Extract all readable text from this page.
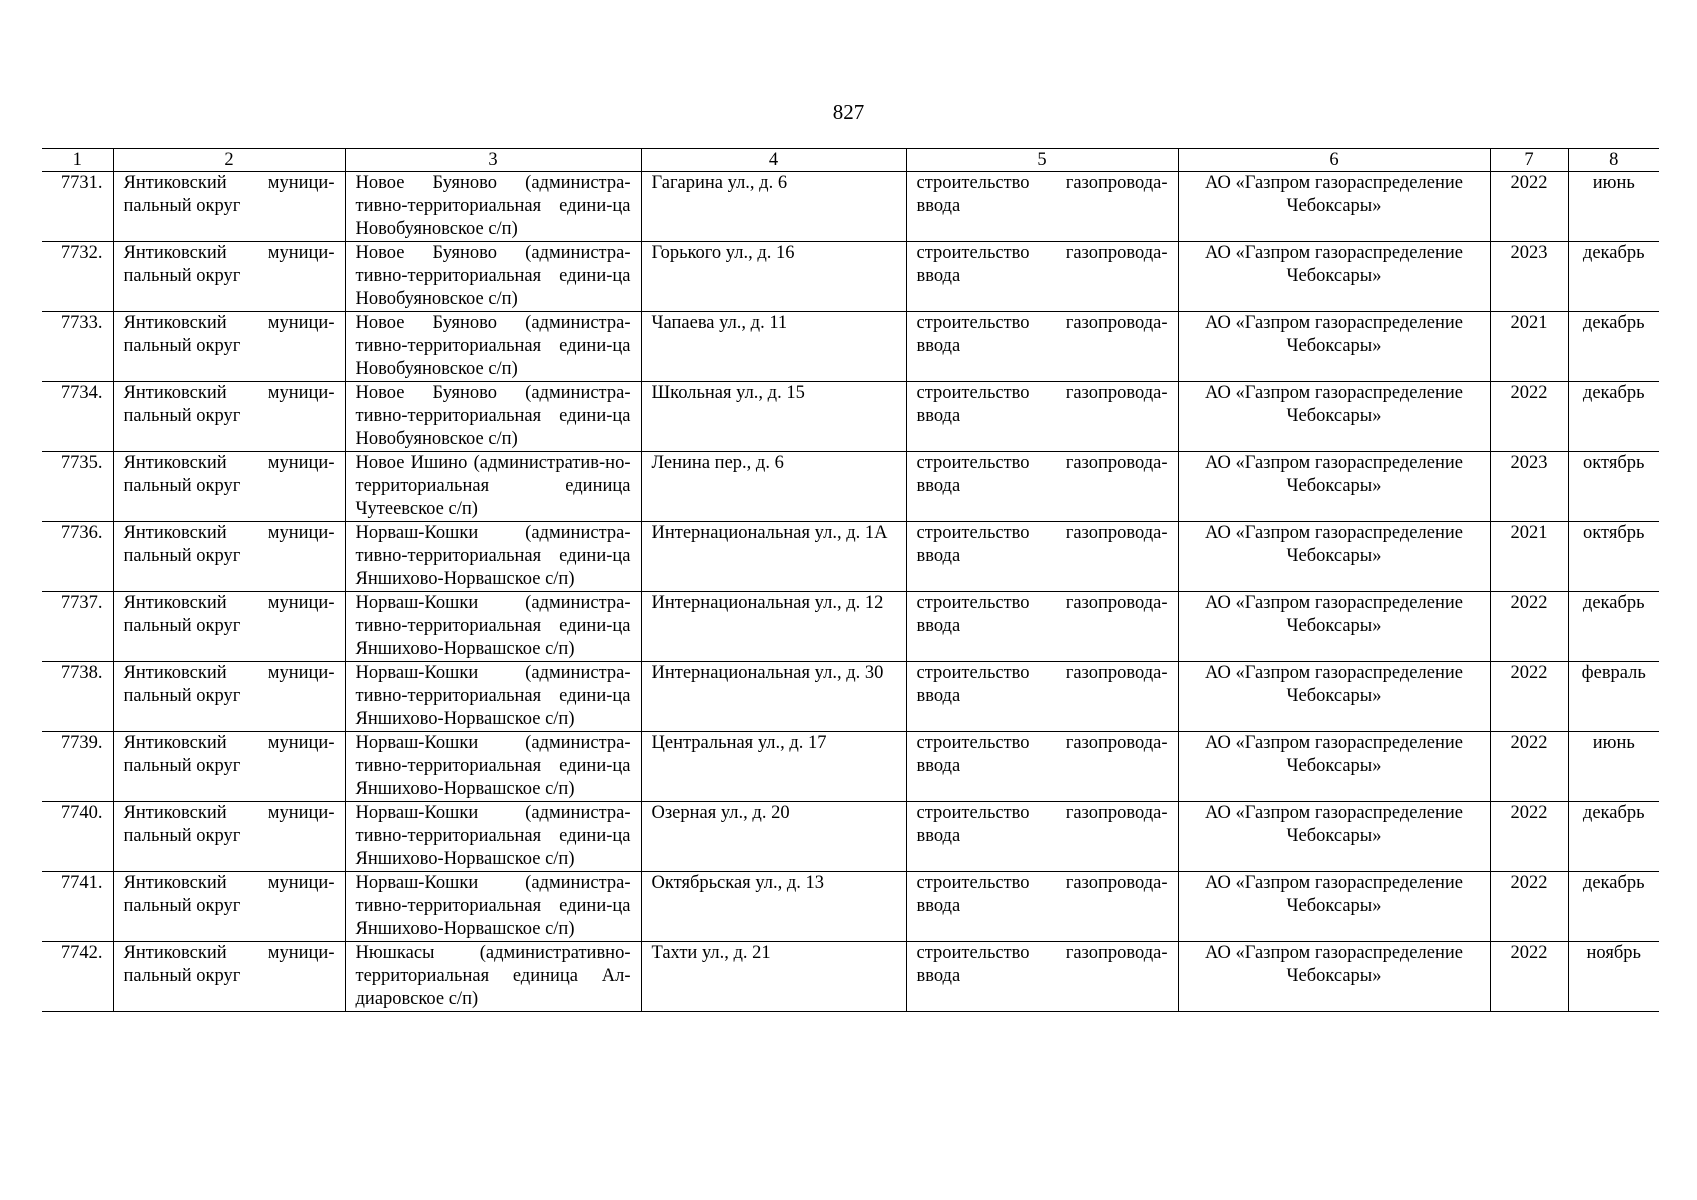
827
1	2	3	4	5	6	7	8
7731.	Янтиковский муници-пальный округ	Новое Буяново (администра-тивно-территориальная едини-ца Новобуяновское с/п)	Гагарина ул., д. 6	строительство газопровода-ввода	АО «Газпром газораспределение Чебоксары»	2022	июнь
7732.	Янтиковский муници-пальный округ	Новое Буяново (администра-тивно-территориальная едини-ца Новобуяновское с/п)	Горького ул., д. 16	строительство газопровода-ввода	АО «Газпром газораспределение Чебоксары»	2023	декабрь
7733.	Янтиковский муници-пальный округ	Новое Буяново (администра-тивно-территориальная едини-ца Новобуяновское с/п)	Чапаева ул., д. 11	строительство газопровода-ввода	АО «Газпром газораспределение Чебоксары»	2021	декабрь
7734.	Янтиковский муници-пальный округ	Новое Буяново (администра-тивно-территориальная едини-ца Новобуяновское с/п)	Школьная ул., д. 15	строительство газопровода-ввода	АО «Газпром газораспределение Чебоксары»	2022	декабрь
7735.	Янтиковский муници-пальный округ	Новое Ишино (административ-но-территориальная единица Чутеевское с/п)	Ленина пер., д. 6	строительство газопровода-ввода	АО «Газпром газораспределение Чебоксары»	2023	октябрь
7736.	Янтиковский муници-пальный округ	Норваш-Кошки (администра-тивно-территориальная едини-ца Яншихово-Норвашское с/п)	Интернациональная ул., д. 1А	строительство газопровода-ввода	АО «Газпром газораспределение Чебоксары»	2021	октябрь
7737.	Янтиковский муници-пальный округ	Норваш-Кошки (администра-тивно-территориальная едини-ца Яншихово-Норвашское с/п)	Интернациональная ул., д. 12	строительство газопровода-ввода	АО «Газпром газораспределение Чебоксары»	2022	декабрь
7738.	Янтиковский муници-пальный округ	Норваш-Кошки (администра-тивно-территориальная едини-ца Яншихово-Норвашское с/п)	Интернациональная ул., д. 30	строительство газопровода-ввода	АО «Газпром газораспределение Чебоксары»	2022	февраль
7739.	Янтиковский муници-пальный округ	Норваш-Кошки (администра-тивно-территориальная едини-ца Яншихово-Норвашское с/п)	Центральная ул., д. 17	строительство газопровода-ввода	АО «Газпром газораспределение Чебоксары»	2022	июнь
7740.	Янтиковский муници-пальный округ	Норваш-Кошки (администра-тивно-территориальная едини-ца Яншихово-Норвашское с/п)	Озерная ул., д. 20	строительство газопровода-ввода	АО «Газпром газораспределение Чебоксары»	2022	декабрь
7741.	Янтиковский муници-пальный округ	Норваш-Кошки (администра-тивно-территориальная едини-ца Яншихово-Норвашское с/п)	Октябрьская ул., д. 13	строительство газопровода-ввода	АО «Газпром газораспределение Чебоксары»	2022	декабрь
7742.	Янтиковский муници-пальный округ	Нюшкасы (административно-территориальная единица Ал-диаровское с/п)	Тахти ул., д. 21	строительство газопровода-ввода	АО «Газпром газораспределение Чебоксары»	2022	ноябрь
